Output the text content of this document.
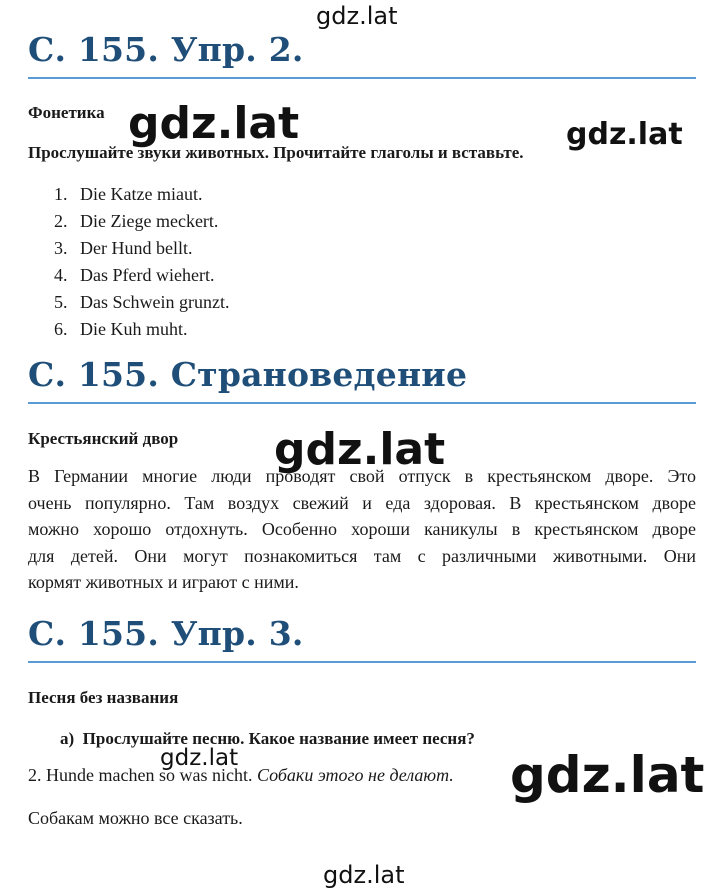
gdz.lat
С. 155. Упр. 2.
Фонетика gdz.lat	gdz.lat
Прослушайте звуки животных. Прочитайте глаголы и вставьте.
1. Die Katze miaut.
2. Die Ziege meckert.
3. Der Hund bellt.
4. Das Pferd wiehert.
5. Das Schwein grunzt.
6. Die Kuh muht.
С. 155. Страноведение
Крестьянский двор gdz.lat
В Германии многие люди проводят свой отпуск в крестьянском дворе. Это
очень популярно. Там воздух свежий и еда здоровая. В крестьянском дворе
можно хорошо отдохнуть. Особенно хороши каникулы в крестьянском дворе
для детей. Они могут познакомиться там с различными животными. Они
кормят животных и играют с ними.
С. 155. Упр. 3.
Песня без названия
а) Прослушайте песню. Какое название имеет песня?
gdz.lat
2. Hunde machen so was nicht. Собаки этого не делают. gdz.lat
Собакам можно все сказать.
gdz.lat
